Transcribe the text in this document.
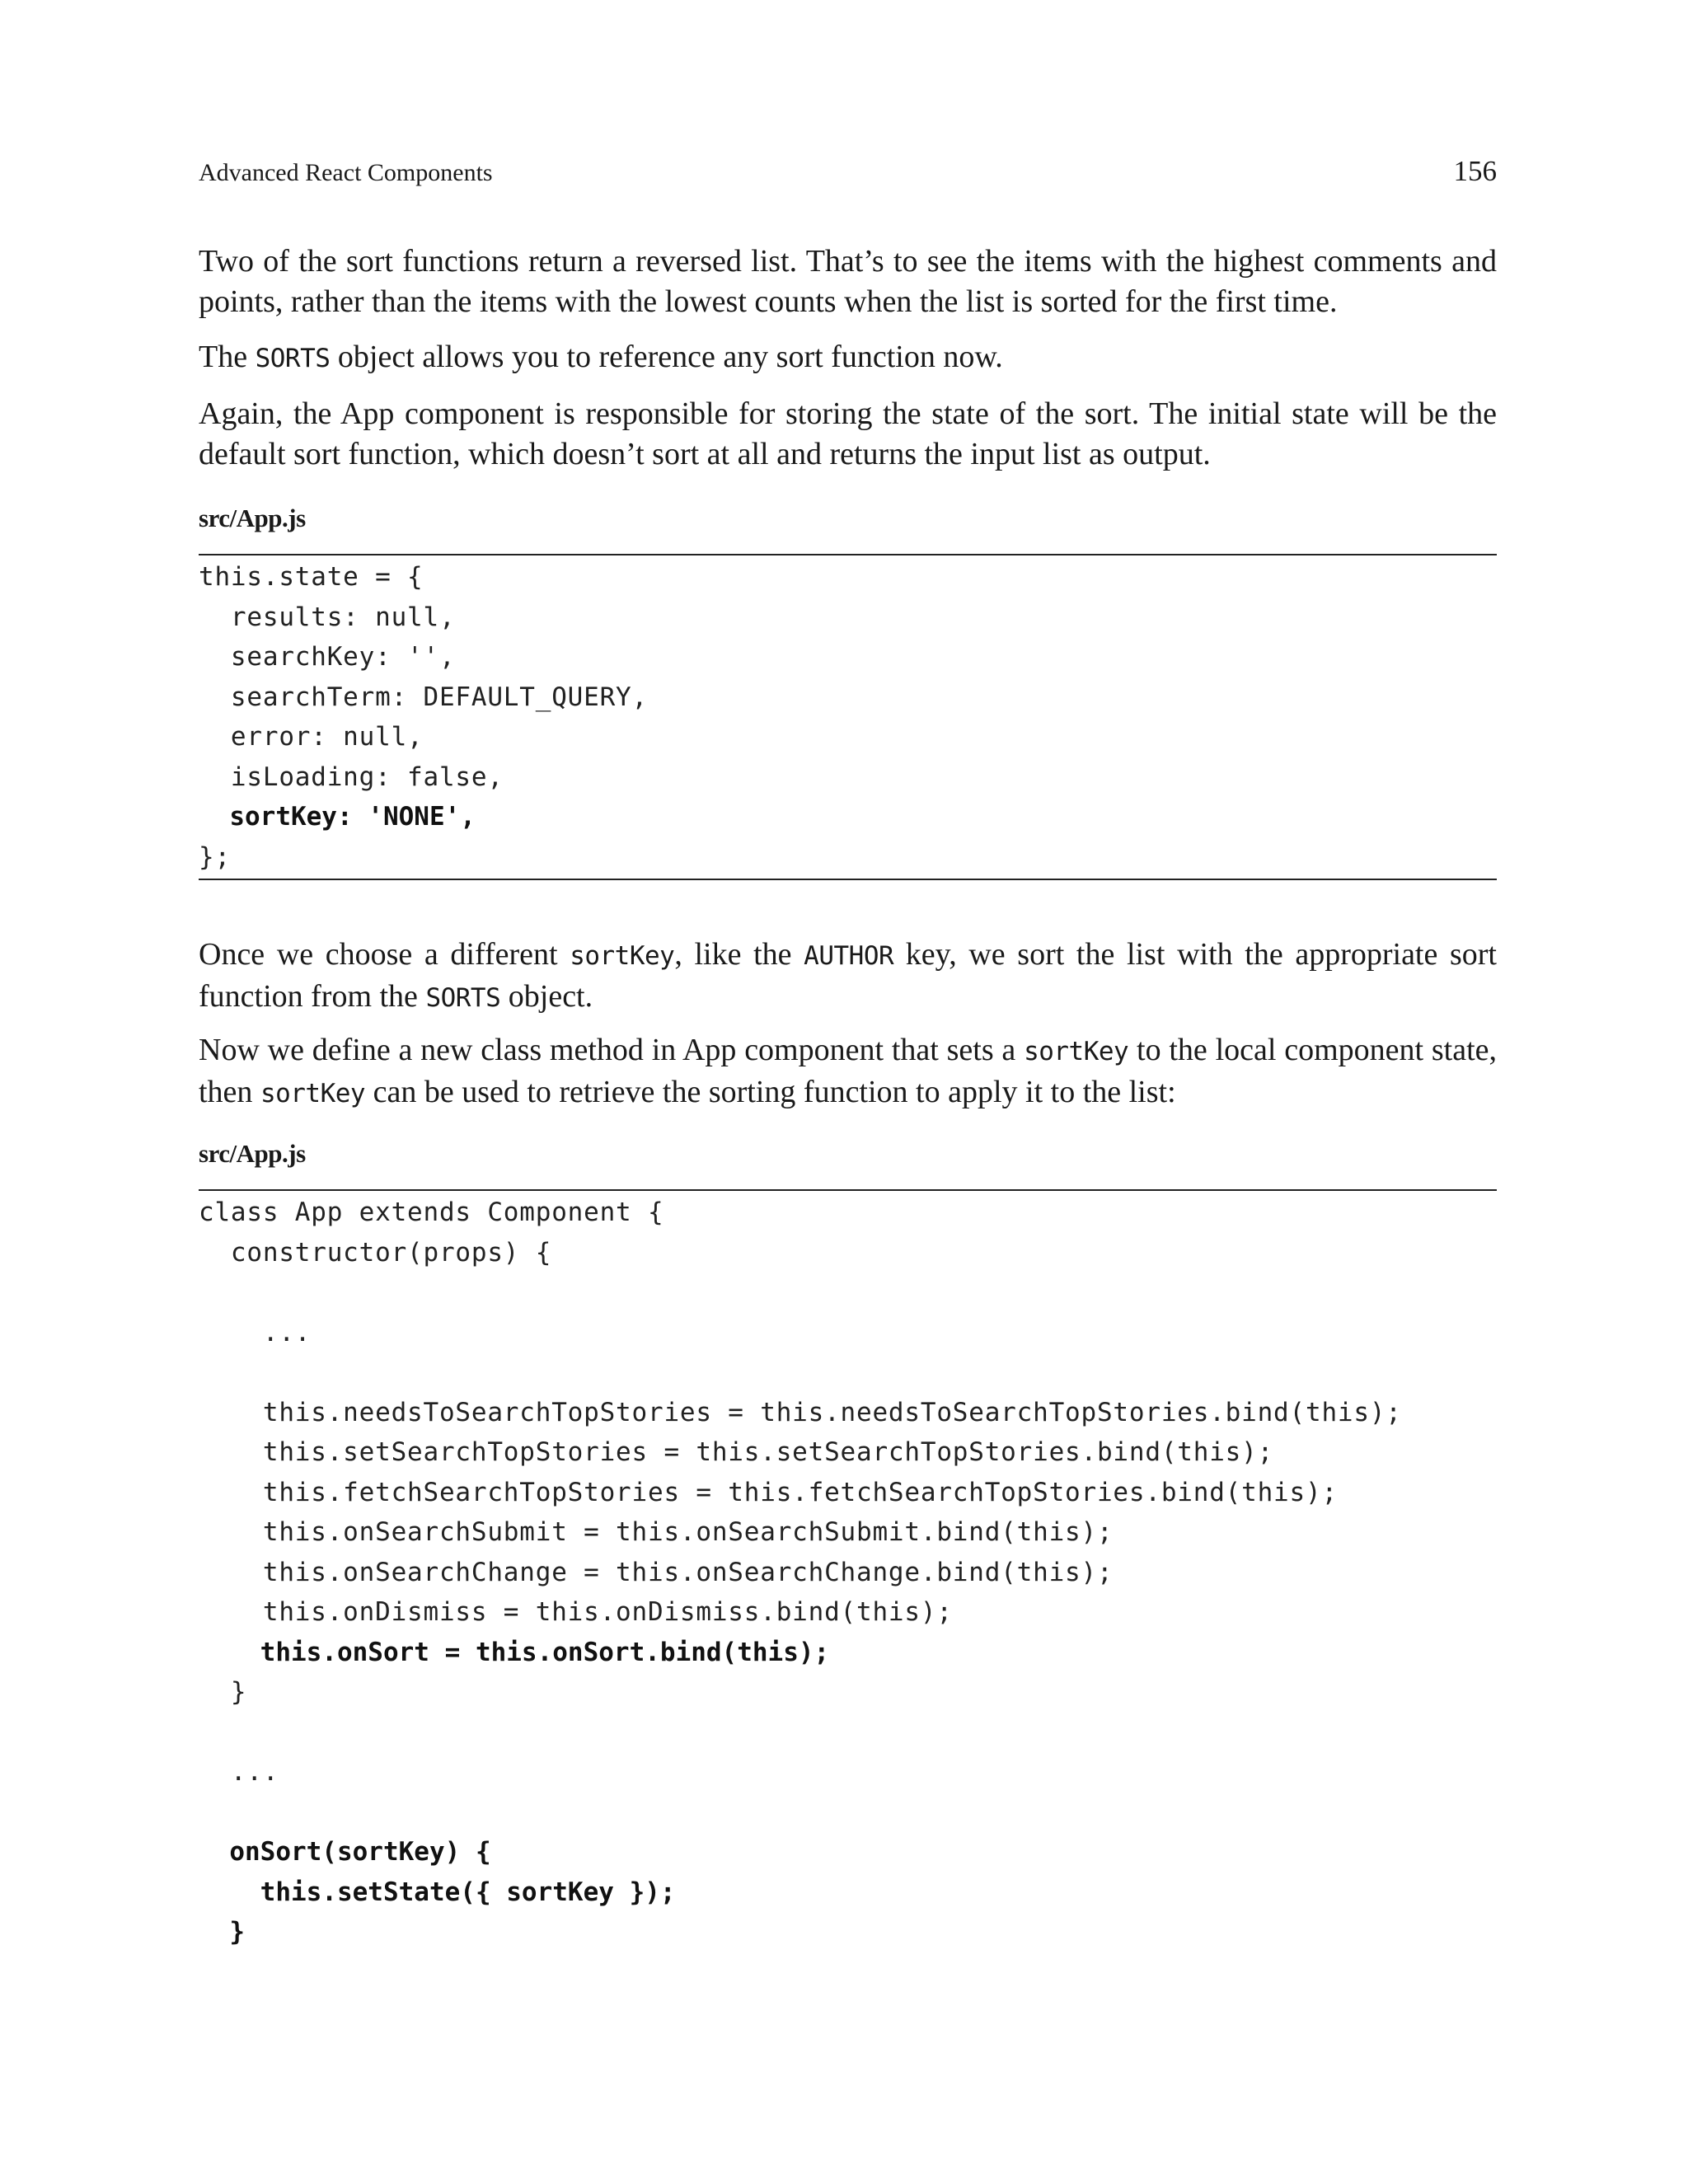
Advanced React Components	156

Two of the sort functions return a reversed list. That’s to see the items with the highest comments and points, rather than the items with the lowest counts when the list is sorted for the first time.

The SORTS object allows you to reference any sort function now.

Again, the App component is responsible for storing the state of the sort. The initial state will be the default sort function, which doesn’t sort at all and returns the input list as output.

src/App.js
this.state = {
results: null,
searchKey: '',
searchTerm: DEFAULT_QUERY,
error: null,
isLoading: false,
sortKey: 'NONE',
};

Once we choose a different sortKey, like the AUTHOR key, we sort the list with the appropriate sort function from the SORTS object.

Now we define a new class method in App component that sets a sortKey to the local component state, then sortKey can be used to retrieve the sorting function to apply it to the list:

src/App.js
class App extends Component {
constructor(props) {
...
this.needsToSearchTopStories = this.needsToSearchTopStories.bind(this);
this.setSearchTopStories = this.setSearchTopStories.bind(this);
this.fetchSearchTopStories = this.fetchSearchTopStories.bind(this);
this.onSearchSubmit = this.onSearchSubmit.bind(this);
this.onSearchChange = this.onSearchChange.bind(this);
this.onDismiss = this.onDismiss.bind(this);
this.onSort = this.onSort.bind(this);
}
...
onSort(sortKey) {
this.setState({ sortKey });
}
